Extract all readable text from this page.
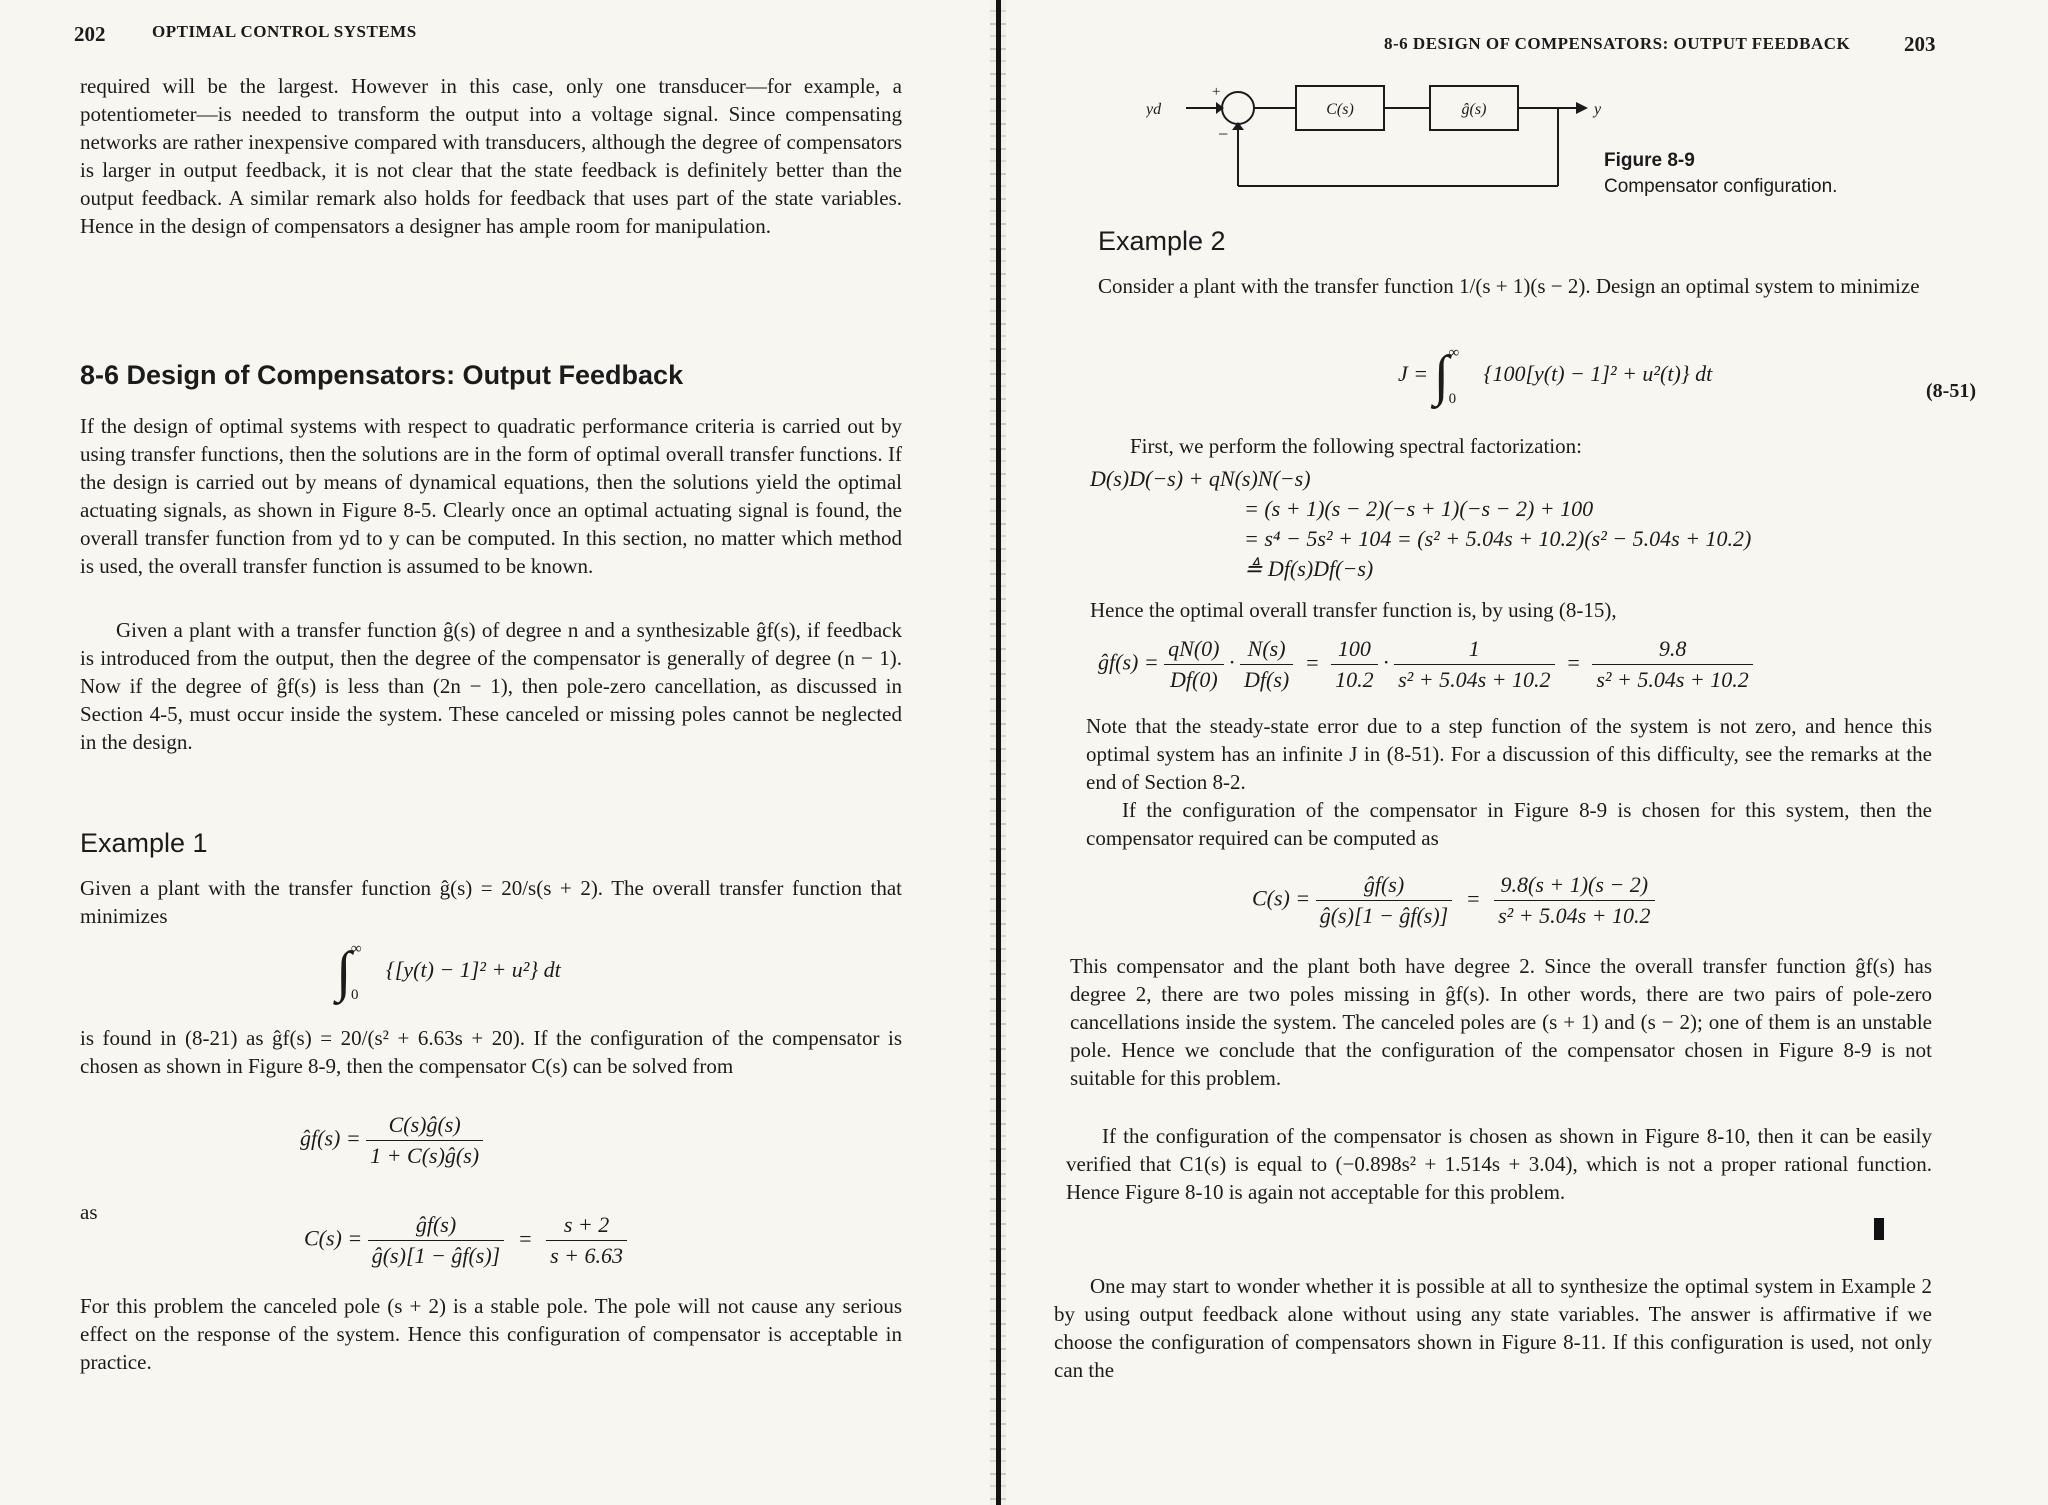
202	OPTIMAL CONTROL SYSTEMS

required will be the largest. However in this case, only one transducer—for example, a potentiometer—is needed to transform the output into a voltage signal. Since compensating networks are rather inexpensive compared with transducers, although the degree of compensators is larger in output feedback, it is not clear that the state feedback is definitely better than the output feedback. A similar remark also holds for feedback that uses part of the state variables. Hence in the design of compensators a designer has ample room for manipulation.

8-6 Design of Compensators: Output Feedback

If the design of optimal systems with respect to quadratic performance criteria is carried out by using transfer functions, then the solutions are in the form of optimal overall transfer functions. If the design is carried out by means of dynamical equations, then the solutions yield the optimal actuating signals, as shown in Figure 8-5. Clearly once an optimal actuating signal is found, the overall transfer function from yd to y can be computed. In this section, no matter which method is used, the overall transfer function is assumed to be known.

Given a plant with a transfer function ĝ(s) of degree n and a synthesizable ĝf(s), if feedback is introduced from the output, then the degree of the compensator is generally of degree (n − 1). Now if the degree of ĝf(s) is less than (2n − 1), then pole-zero cancellation, as discussed in Section 4-5, must occur inside the system. These canceled or missing poles cannot be neglected in the design.

Example 1

Given a plant with the transfer function ĝ(s) = 20/s(s + 2). The overall transfer function that minimizes

∫ ∞ $_0$ {[y(t) − 1]² + u²} dt

is found in (8-21) as ĝf(s) = 20/(s² + 6.63s + 20). If the configuration of the compensator is chosen as shown in Figure 8-9, then the compensator C(s) can be solved from

ĝf(s) = $\frac{C(s)ĝ(s)}{1 + C(s)ĝ(s)}$
as
$C(s) = \frac{ĝf(s)}{ĝ(s)[1 - ĝf(s)]} = \frac{s + 2}{s + 6.63}$

For this problem the canceled pole (s + 2) is a stable pole. The pole will not cause any serious effect on the response of the system. Hence this configuration of compensator is acceptable in practice.

8-6 DESIGN OF COMPENSATORS: OUTPUT FEEDBACK	203
yd
+
−
C(s)	ĝ(s)	y
Figure 8-9
Compensator configuration.
Example 2

Consider a plant with the transfer function 1/(s + 1)(s − 2). Design an optimal system to minimize

J = ∫ ∞ $_0$ {100[y(t) − 1]² + u²(t)} dt
(8-51)
First, we perform the following spectral factorization:
D(s)D(−s) + qN(s)N(−s)
= (s + 1)(s − 2)(−s + 1)(−s − 2) + 100
= s⁴ − 5s² + 104 = (s² + 5.04s + 10.2)(s² − 5.04s + 10.2)
≜ Df(s)Df(−s)
Hence the optimal overall transfer function is, by using (8-15),
ĝf(s) = $\frac{qN(0)}{Df(0)} \cdot \frac{N(s)}{Df(s)} = \frac{100}{10.2} \cdot \frac{1}{\text{s² + 5.04s + 10.2}} = \frac{9.8}{\text{s² + 5.04s + 10.2}}$

Note that the steady-state error due to a step function of the system is not zero, and hence this optimal system has an infinite J in (8-51). For a discussion of this difficulty, see the remarks at the end of Section 8-2.

If the configuration of the compensator in Figure 8-9 is chosen for this system, then the compensator required can be computed as

$C(s) = \frac{ĝf(s)}{ĝ(s)[1 - ĝf(s)]} = \frac{9.8(s + 1)(s - 2)}{\text{s² + 5.04s + 10.2}}$

This compensator and the plant both have degree 2. Since the overall transfer function ĝf(s) has degree 2, there are two poles missing in ĝf(s). In other words, there are two pairs of pole-zero cancellations inside the system. The canceled poles are (s + 1) and (s − 2); one of them is an unstable pole. Hence we conclude that the configuration of the compensator chosen in Figure 8-9 is not suitable for this problem.

If the configuration of the compensator is chosen as shown in Figure 8-10, then it can be easily verified that C1(s) is equal to (−0.898s² + 1.514s + 3.04), which is not a proper rational function. Hence Figure 8-10 is again not acceptable for this problem.

One may start to wonder whether it is possible at all to synthesize the optimal system in Example 2 by using output feedback alone without using any state variables. The answer is affirmative if we choose the configuration of compensators shown in Figure 8-11. If this configuration is used, not only can the
